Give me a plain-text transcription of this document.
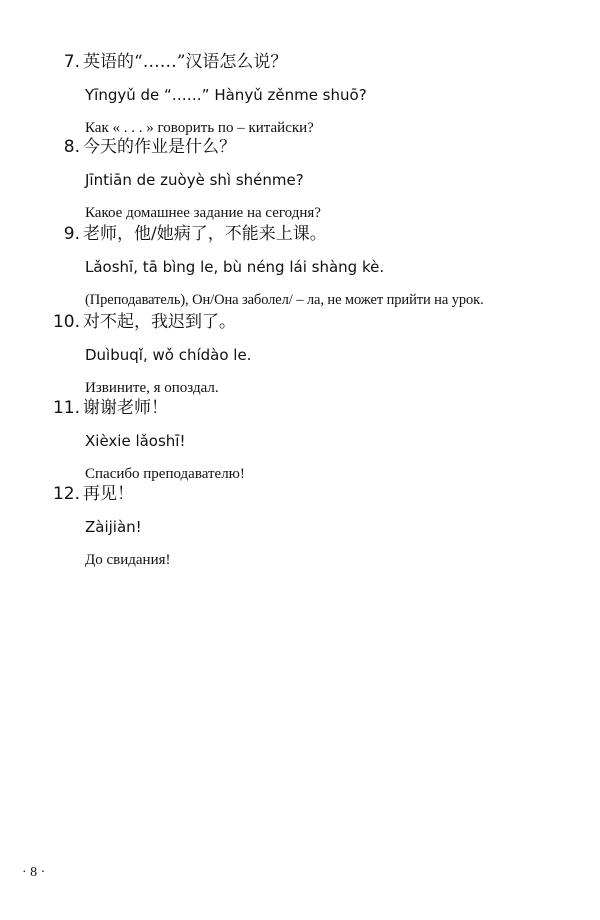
7. 英语的“……”汉语怎么说？
Yīngyǔ de “……” Hànyǔ zěnme shuō?
Как « . . . » говорить по – китайски?
8. 今天的作业是什么？
Jīntiān de zuòyè shì shénme?
Какое домашнее задание на сегодня?
9. 老师，他/她病了，不能来上课。
Lǎoshī, tā bìng le, bù néng lái shàng kè.
(Преподаватель), Он/Она заболел/ – ла, не может прийти на урок.
10. 对不起，我迟到了。
Duìbuqǐ, wǒ chídào le.
Извините, я опоздал.
11. 谢谢老师！
Xièxie lǎoshī!
Спасибо преподавателю!
12. 再见！
Zàijiàn!
До свидания!
· 8 ·
